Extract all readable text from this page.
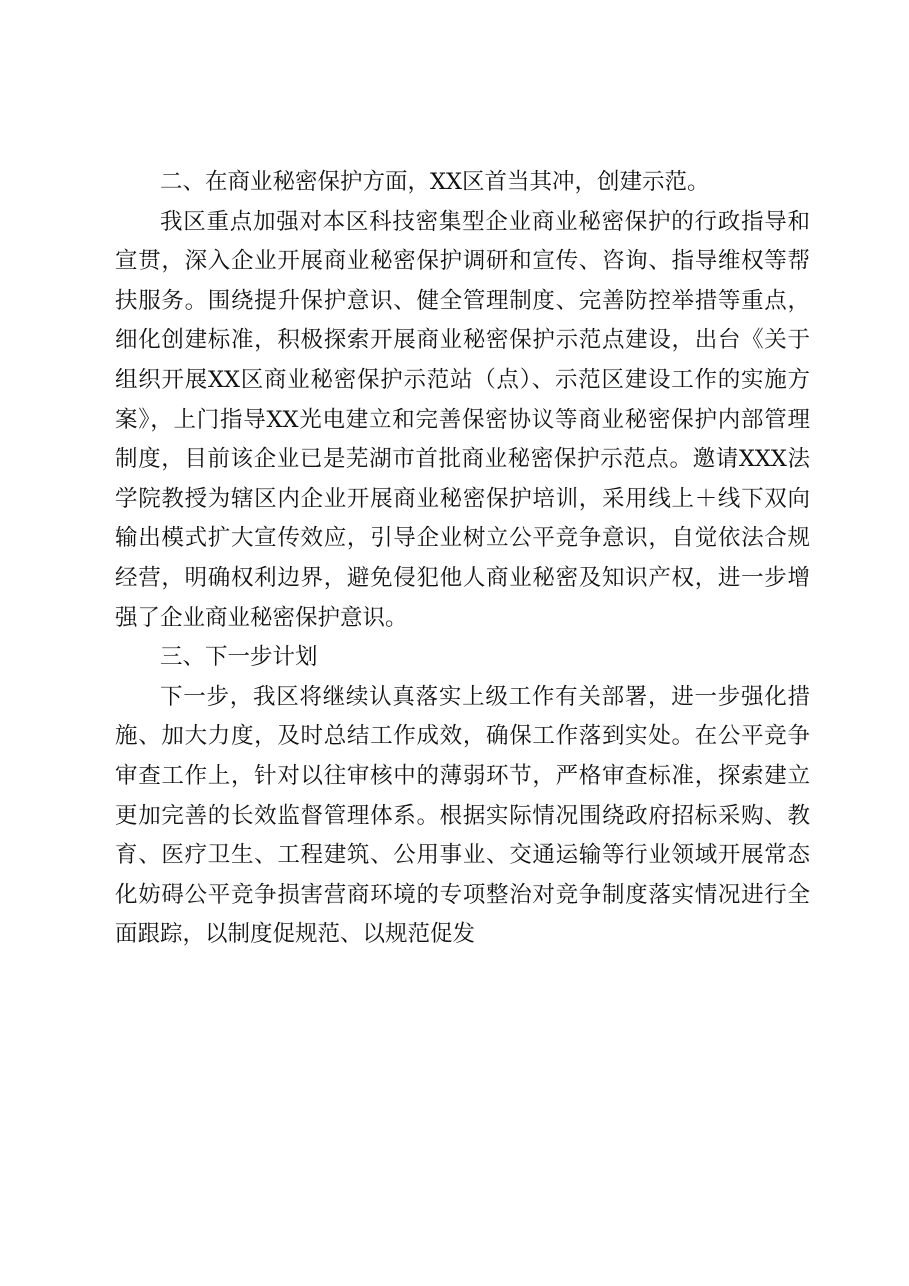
二、在商业秘密保护方面，XX区首当其冲，创建示范。

我区重点加强对本区科技密集型企业商业秘密保护的行政指导和宣贯，深入企业开展商业秘密保护调研和宣传、咨询、指导维权等帮扶服务。围绕提升保护意识、健全管理制度、完善防控举措等重点，细化创建标准，积极探索开展商业秘密保护示范点建设，出台《关于组织开展XX区商业秘密保护示范站（点）、示范区建设工作的实施方案》，上门指导XX光电建立和完善保密协议等商业秘密保护内部管理制度，目前该企业已是芜湖市首批商业秘密保护示范点。邀请XXX法学院教授为辖区内企业开展商业秘密保护培训，采用线上＋线下双向输出模式扩大宣传效应，引导企业树立公平竞争意识，自觉依法合规经营，明确权利边界，避免侵犯他人商业秘密及知识产权，进一步增强了企业商业秘密保护意识。

三、下一步计划

下一步，我区将继续认真落实上级工作有关部署，进一步强化措施、加大力度，及时总结工作成效，确保工作落到实处。在公平竞争审查工作上，针对以往审核中的薄弱环节，严格审查标准，探索建立更加完善的长效监督管理体系。根据实际情况围绕政府招标采购、教育、医疗卫生、工程建筑、公用事业、交通运输等行业领域开展常态化妨碍公平竞争损害营商环境的专项整治对竞争制度落实情况进行全面跟踪，以制度促规范、以规范促发
